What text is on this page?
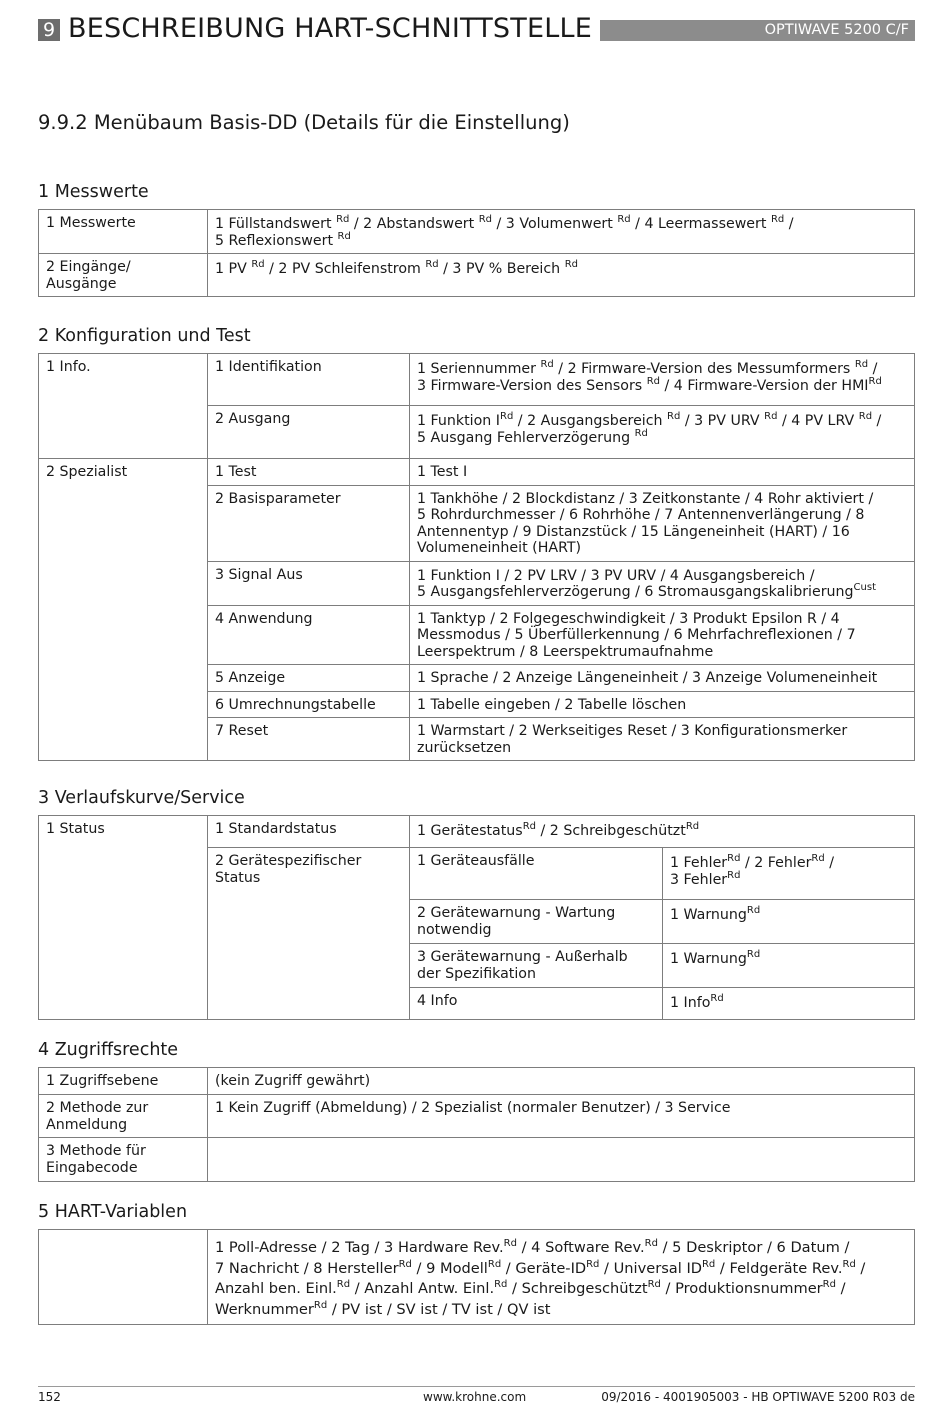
9 BESCHREIBUNG HART-SCHNITTSTELLE	OPTIWAVE 5200 C/F
9.9.2 Menübaum Basis-DD (Details für die Einstellung)
1 Messwerte
1 Messwerte	1 Füllstandswert $^{Rd}$ / 2 Abstandswert $^{Rd}$ / 3 Volumenwert $^{Rd}$ / 4 Leermassewert $^{Rd}$ /
5 Reflexionswert $^{Rd}$
2 Eingänge/ Ausgänge	1 PV $^{Rd}$ / 2 PV Schleifenstrom $^{Rd}$ / 3 PV % Bereich $^{Rd}$
2 Konfiguration und Test
1 Info.	1 Identifikation	1 Seriennummer $^{Rd}$ / 2 Firmware-Version des Messumformers $^{Rd}$ /
3 Firmware-Version des Sensors $^{Rd}$ / 4 Firmware-Version der $HMI^{Rd}$
	2 Ausgang	1 Funktion IRd / 2 Ausgangsbereich $^{Rd}$ / 3 PV URV $^{Rd}$ / 4 PV LRV $^{Rd}$ /
5 Ausgang Fehlerverzögerung $^{Rd}$
2 Spezialist	1 Test	1 Test I
	2 Basisparameter	1 Tankhöhe / 2 Blockdistanz / 3 Zeitkonstante / 4 Rohr aktiviert / 5 Rohrdurchmesser / 6 Rohrhöhe / 7 Antennenverlängerung / 8 Antennentyp / 9 Distanzstück / 15 Längeneinheit (HART) / 16 Volumeneinheit (HART)
	3 Signal Aus	1 Funktion I / 2 PV LRV / 3 PV URV / 4 Ausgangsbereich /
5 Ausgangsfehlerverzögerung / 6 Stromausgangskalibrierung$^{Cust}$
	4 Anwendung	1 Tanktyp / 2 Folgegeschwindigkeit / 3 Produkt Epsilon R / 4 Messmodus / 5 Überfüllerkennung / 6 Mehrfachreflexionen / 7 Leerspektrum / 8 Leerspektrumaufnahme
	5 Anzeige	1 Sprache / 2 Anzeige Längeneinheit / 3 Anzeige Volumeneinheit
	6 Umrechnungstabelle	1 Tabelle eingeben / 2 Tabelle löschen
	7 Reset	1 Warmstart / 2 Werkseitiges Reset / 3 Konfigurationsmerker zurücksetzen
3 Verlaufskurve/Service
1 Status	1 Standardstatus	1 Gerätestatus$^{Rd}$ / 2 Schreibgeschützt$^{Rd}$
	2 Gerätespezifischer Status	1 Geräteausfälle	1 Fehler$^{Rd}$ / 2 Fehler$^{Rd}$ /
3 Fehler$^{Rd}$
		2 Gerätewarnung - Wartung notwendig	1 Warnung$^{Rd}$
		3 Gerätewarnung - Außerhalb der Spezifikation	1 Warnung$^{Rd}$
		4 Info	1 Info$^{Rd}$
4 Zugriffsrechte
1 Zugriffsebene	(kein Zugriff gewährt)
2 Methode zur Anmeldung	1 Kein Zugriff (Abmeldung) / 2 Spezialist (normaler Benutzer) / 3 Service
3 Methode für Eingabecode	
5 HART-Variablen
	1 Poll-Adresse / 2 Tag / 3 Hardware Rev.$^{Rd}$ / 4 Software Rev.$^{Rd}$ / 5 Deskriptor / 6 Datum /
7 Nachricht / 8 Hersteller$^{Rd}$ / 9 Modell$^{Rd}$ / Geräte-IDRd / Universal IDRd / Feldgeräte Rev.$^{Rd}$ /
Anzahl ben. Einl.$^{Rd}$ / Anzahl Antw. Einl.$^{Rd}$ / Schreibgeschützt$^{Rd}$ / Produktionsnummer$^{Rd}$ /
Werknummer$^{Rd}$ / PV ist / SV ist / TV ist / QV ist
152	www.krohne.com	09/2016 - 4001905003 - HB OPTIWAVE 5200 R03 de
